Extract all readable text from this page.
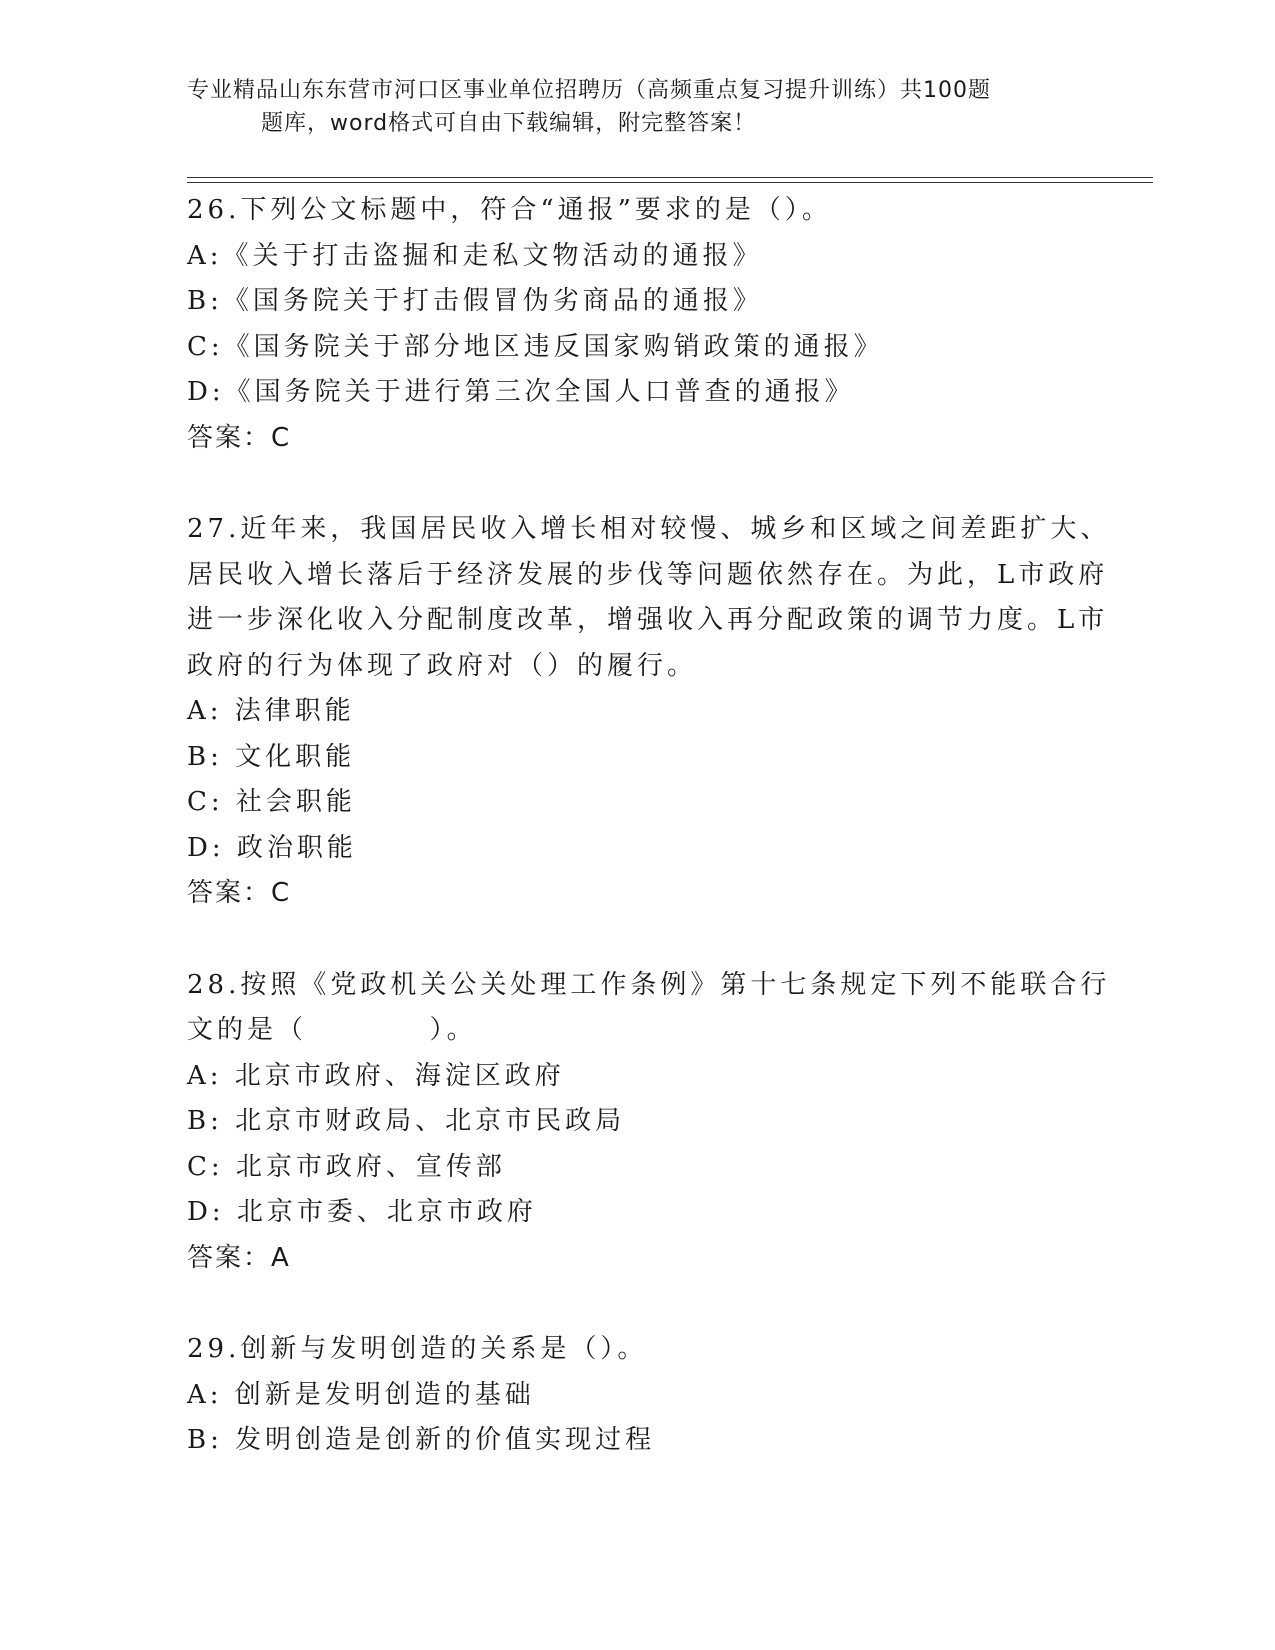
专业精品山东东营市河口区事业单位招聘历（高频重点复习提升训练）共100题
题库，word格式可自由下载编辑，附完整答案！
26.下列公文标题中，符合“通报”要求的是（）。
A:《关于打击盗掘和走私文物活动的通报》
B:《国务院关于打击假冒伪劣商品的通报》
C:《国务院关于部分地区违反国家购销政策的通报》
D:《国务院关于进行第三次全国人口普查的通报》
答案：C
27.近年来，我国居民收入增长相对较慢、城乡和区域之间差距扩大、
居民收入增长落后于经济发展的步伐等问题依然存在。为此，L市政府
进一步深化收入分配制度改革，增强收入再分配政策的调节力度。L市
政府的行为体现了政府对（）的履行。
A: 法律职能
B: 文化职能
C: 社会职能
D: 政治职能
答案：C
28.按照《党政机关公关处理工作条例》第十七条规定下列不能联合行
文的是（          ）。
A: 北京市政府、海淀区政府
B: 北京市财政局、北京市民政局
C: 北京市政府、宣传部
D: 北京市委、北京市政府
答案：A
29.创新与发明创造的关系是（）。
A: 创新是发明创造的基础
B: 发明创造是创新的价值实现过程
